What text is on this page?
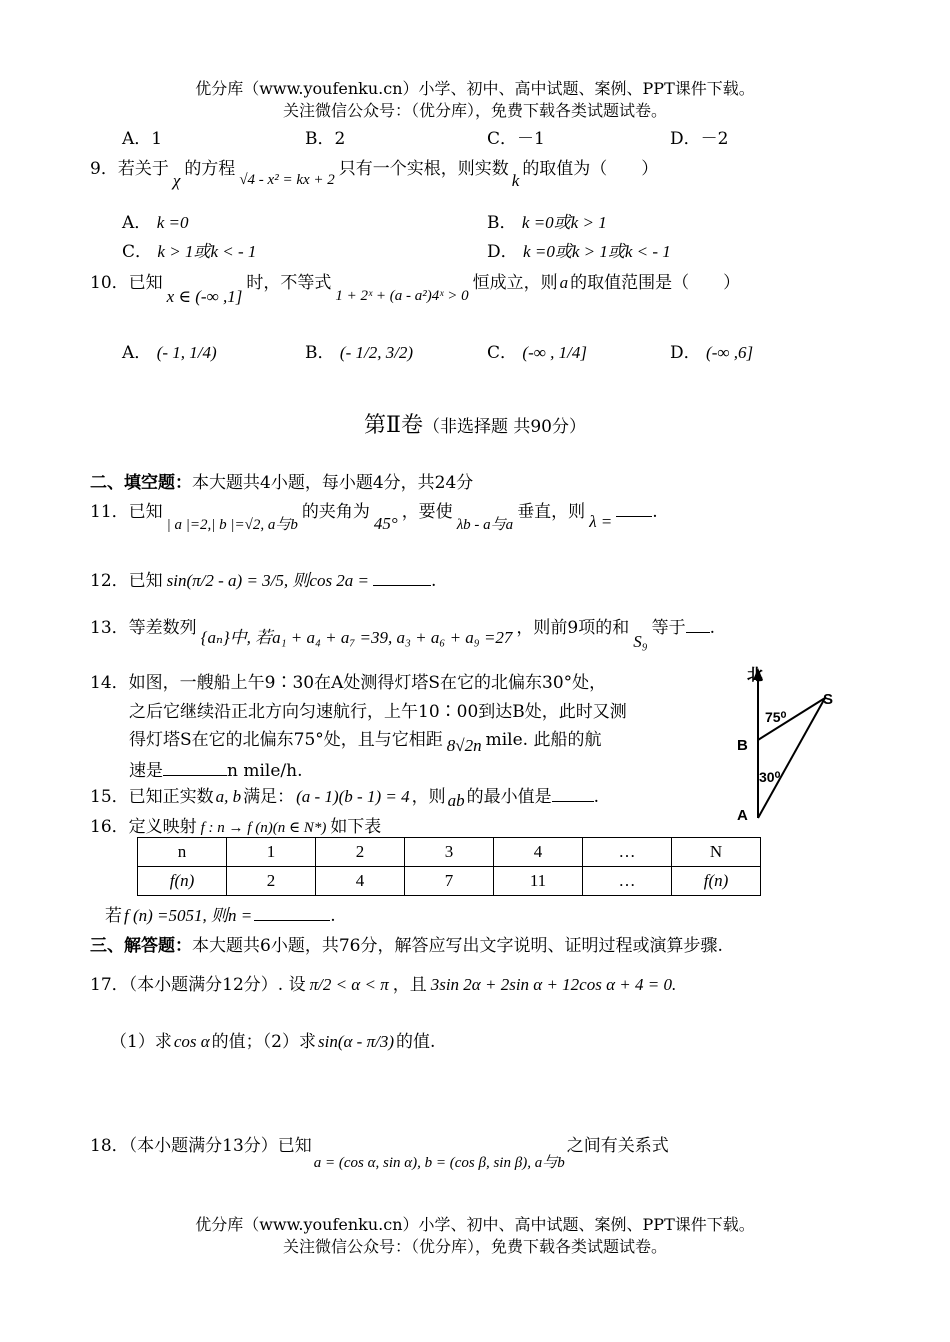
优分库（www.youfenku.cn）小学、初中、高中试题、案例、PPT课件下载。
关注微信公众号：（优分库），免费下载各类试题试卷。
A．1	B．2	C．－1	D．－2
9．若关于χ的方程√4 - x² = kx + 2只有一个实根，则实数k的取值为（　　）
A． k =0	B． k =0或k > 1
C． k > 1或k < - 1	D． k =0或k > 1或k < - 1
10．已知x ∈ (-∞ ,1]时，不等式1 + 2ˣ + (a - a²)4ˣ > 0恒成立，则 a 的取值范围是（　　）
A． (- 1, 1/4)	B． (- 1/2, 3/2)	C． (-∞ , 1/4]	D． (-∞ ,6]
第Ⅱ卷（非选择题 共90分）
二、填空题：本大题共4小题，每小题4分，共24分
11．已知| a |=2,| b |=√2, a与b的夹角为45°，要使λb - a与a垂直，则 λ = .
12．已知 sin(π/2 - a) = 3/5, 则cos 2a =	.
13．等差数列 {aₙ}中, 若a₁ + a₄ + a₇ =39, a₃ + a₆ + a₉ =27 ，则前9项的和S₉等于 .
14．如图，一艘船上午9∶30在A处测得灯塔S在它的北偏东30°处，
之后它继续沿正北方向匀速航行，上午10∶00到达B处，此时又测
得灯塔S在它的北偏东75°处，且与它相距 8√2n mile. 此船的航
速是	n mile/h.
北
S
B
A
75⁰
30⁰
15．已知正实数 a, b 满足： (a - 1)(b - 1) = 4 ，则 ab 的最小值是 .
16．定义映射 f : n → f (n)(n ∈ N*) 如下表
n	1	2	3	4	…	N
f(n)	2	4	7	11	…	f(n)
若 f (n) =5051, 则n =	.
三、解答题：本大题共6小题，共76分，解答应写出文字说明、证明过程或演算步骤.
17．（本小题满分12分）. 设 π/2 < α < π ，且 3sin 2α + 2sin α + 12cos α + 4 = 0.
（1）求 cos α 的值；（2）求 sin(α - π/3) 的值.
18．（本小题满分13分）已知a = (cos α, sin α), b = (cos β, sin β), a与b之间有关系式
优分库（www.youfenku.cn）小学、初中、高中试题、案例、PPT课件下载。
关注微信公众号：（优分库），免费下载各类试题试卷。
